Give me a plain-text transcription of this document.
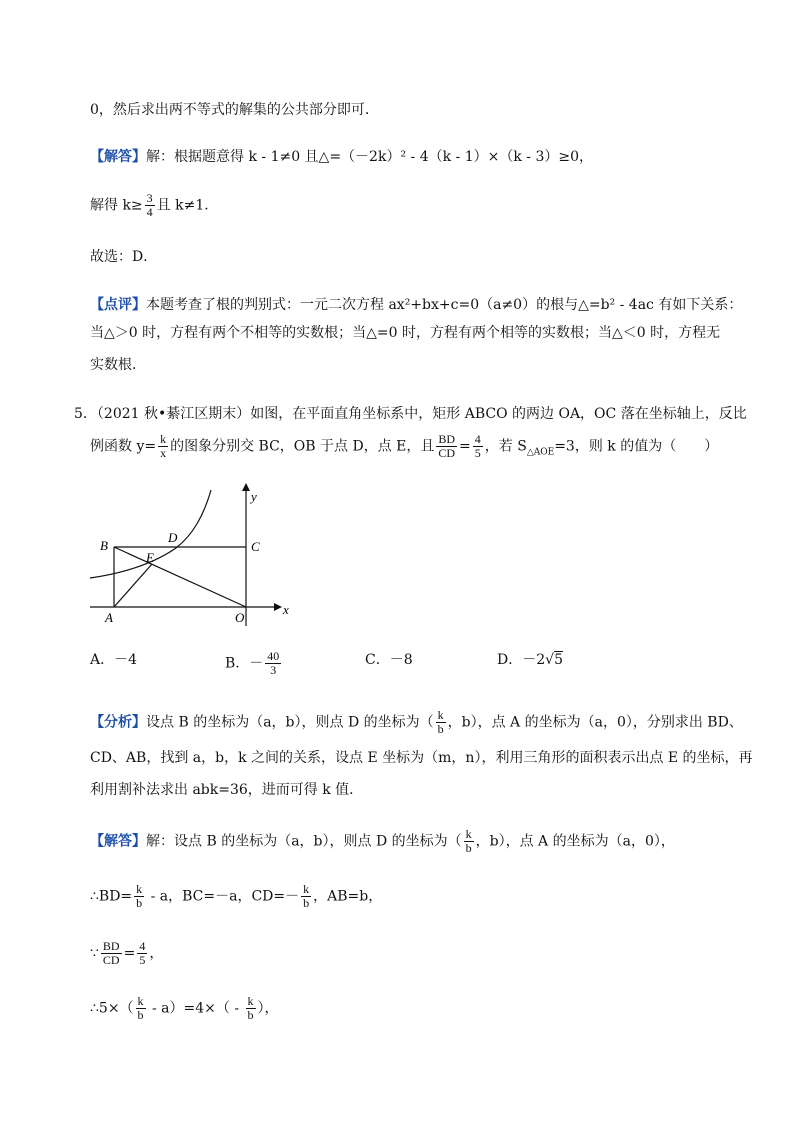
0，然后求出两不等式的解集的公共部分即可．
【解答】解：根据题意得 k - 1≠0 且△=（－2k）² - 4（k - 1）×（k - 3）≥0，
解得 $k\ge \frac{3}{4}$ 且 k≠1．
故选：D．
【点评】本题考查了根的判别式：一元二次方程 ax²+bx+c=0（a≠0）的根与△=b² - 4ac 有如下关系：
当△＞0 时，方程有两个不相等的实数根；当△=0 时，方程有两个相等的实数根；当△＜0 时，方程无
实数根．
5．（2021 秋•綦江区期末）如图，在平面直角坐标系中，矩形 ABCO 的两边 OA，OC 落在坐标轴上，反比
例函数 $y= \frac{k}{x}$ 的图象分别交 BC，OB 于点 D，点 E，且 $\frac{BD}{CD} = \frac{4}{5}$ ，若 $S_{\triangle AOE}=3$，则 k 的值为（　　）
B
D
C
E
A	O
x
y
A．－4	B．－ $\frac{40}{3}$	C．－8	D．－2√5
【分析】设点 B 的坐标为（a，b），则点 D 的坐标为（ $\frac{k}{b}$ ，b），点 A 的坐标为（a，0），分别求出 BD、
CD、AB，找到 a，b，k 之间的关系，设点 E 坐标为（m，n），利用三角形的面积表示出点 E 的坐标，再
利用割补法求出 abk=36，进而可得 k 值．
【解答】解：设点 B 的坐标为（a，b），则点 D 的坐标为（ $\frac{k}{b}$ ，b），点 A 的坐标为（a，0），
∴BD= $\frac{k}{b}$ - a，BC=－a，$CD=- \frac{k}{b}$ ，AB=b，
∵ $\frac{BD}{CD} = \frac{4}{5}$ ，
∴5×（ $\frac{k}{b} - a)=4\times( - \frac{k}{b}$ ），
